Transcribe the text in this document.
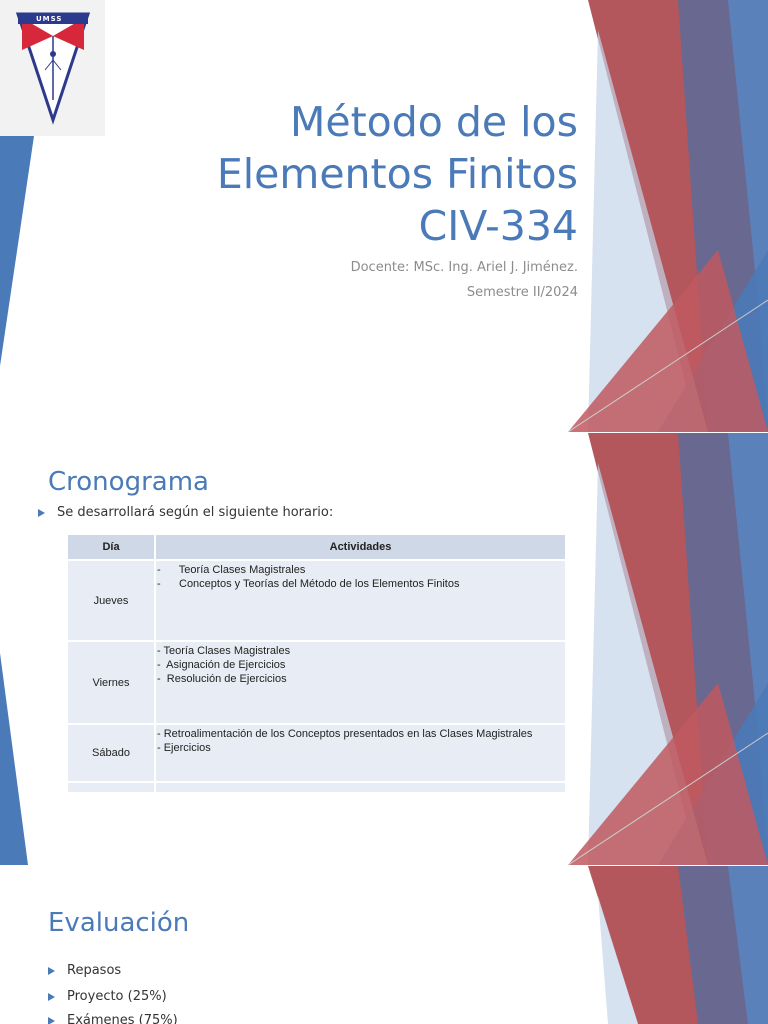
UMSS
Método de los
Elementos Finitos
CIV-334
Docente: MSc. Ing. Ariel J. Jiménez.
Semestre II/2024
Cronograma
Se desarrollará según el siguiente horario:
Día	Actividades
Jueves	-      Teoría Clases Magistrales
-      Conceptos y Teorías del Método de los Elementos Finitos

Viernes	- Teoría Clases Magistrales
-  Asignación de Ejercicios
-  Resolución de Ejercicios

Sábado	- Retroalimentación de los Conceptos presentados en las Clases Magistrales
- Ejercicios

Evaluación
Repasos
Proyecto (25%)
Exámenes (75%)
